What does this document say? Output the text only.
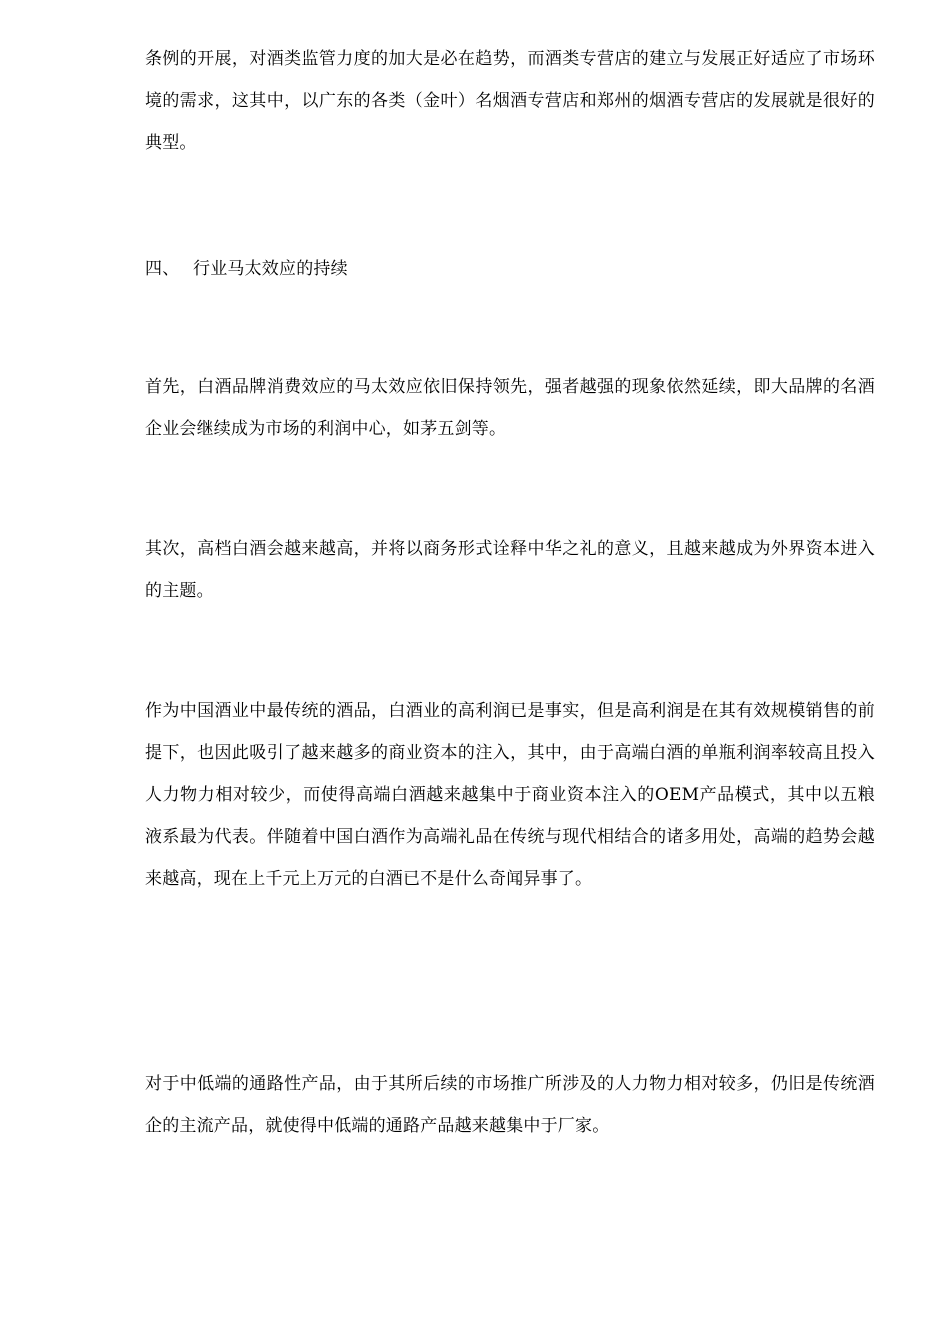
条例的开展，对酒类监管力度的加大是必在趋势，而酒类专营店的建立与发展正好适应了市场环境的需求，这其中，以广东的各类（金叶）名烟酒专营店和郑州的烟酒专营店的发展就是很好的典型。

四、 行业马太效应的持续

首先，白酒品牌消费效应的马太效应依旧保持领先，强者越强的现象依然延续，即大品牌的名酒企业会继续成为市场的利润中心，如茅五剑等。

其次，高档白酒会越来越高，并将以商务形式诠释中华之礼的意义，且越来越成为外界资本进入的主题。

作为中国酒业中最传统的酒品，白酒业的高利润已是事实，但是高利润是在其有效规模销售的前提下，也因此吸引了越来越多的商业资本的注入，其中，由于高端白酒的单瓶利润率较高且投入人力物力相对较少，而使得高端白酒越来越集中于商业资本注入的OEM产品模式，其中以五粮液系最为代表。伴随着中国白酒作为高端礼品在传统与现代相结合的诸多用处，高端的趋势会越来越高，现在上千元上万元的白酒已不是什么奇闻异事了。

对于中低端的通路性产品，由于其所后续的市场推广所涉及的人力物力相对较多，仍旧是传统酒企的主流产品，就使得中低端的通路产品越来越集中于厂家。
